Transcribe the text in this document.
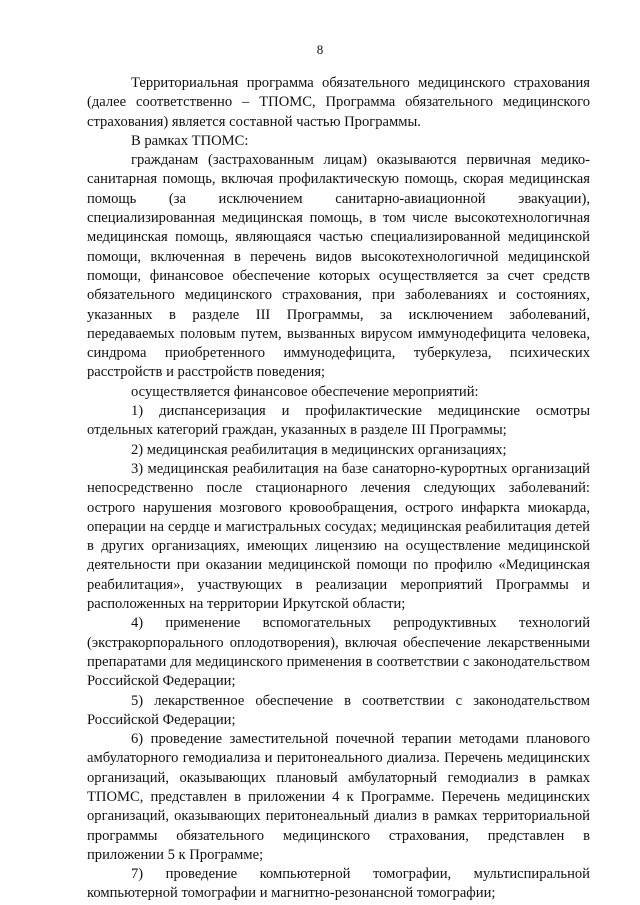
8

Территориальная программа обязательного медицинского страхования (далее соответственно – ТПОМС, Программа обязательного медицинского страхования) является составной частью Программы.

В рамках ТПОМС:

гражданам (застрахованным лицам) оказываются первичная медико-санитарная помощь, включая профилактическую помощь, скорая медицинская помощь (за исключением санитарно-авиационной эвакуации), специализированная медицинская помощь, в том числе высокотехнологичная медицинская помощь, являющаяся частью специализированной медицинской помощи, включенная в перечень видов высокотехнологичной медицинской помощи, финансовое обеспечение которых осуществляется за счет средств обязательного медицинского страхования, при заболеваниях и состояниях, указанных в разделе III Программы, за исключением заболеваний, передаваемых половым путем, вызванных вирусом иммунодефицита человека, синдрома приобретенного иммунодефицита, туберкулеза, психических расстройств и расстройств поведения;

осуществляется финансовое обеспечение мероприятий:

1) диспансеризация и профилактические медицинские осмотры отдельных категорий граждан, указанных в разделе III Программы;

2) медицинская реабилитация в медицинских организациях;

3) медицинская реабилитация на базе санаторно-курортных организаций непосредственно после стационарного лечения следующих заболеваний: острого нарушения мозгового кровообращения, острого инфаркта миокарда, операции на сердце и магистральных сосудах; медицинская реабилитация детей в других организациях, имеющих лицензию на осуществление медицинской деятельности при оказании медицинской помощи по профилю «Медицинская реабилитация», участвующих в реализации мероприятий Программы и расположенных на территории Иркутской области;

4) применение вспомогательных репродуктивных технологий (экстракорпорального оплодотворения), включая обеспечение лекарственными препаратами для медицинского применения в соответствии с законодательством Российской Федерации;

5) лекарственное обеспечение в соответствии с законодательством Российской Федерации;

6) проведение заместительной почечной терапии методами планового амбулаторного гемодиализа и перитонеального диализа. Перечень медицинских организаций, оказывающих плановый амбулаторный гемодиализ в рамках ТПОМС, представлен в приложении 4 к Программе. Перечень медицинских организаций, оказывающих перитонеальный диализ в рамках территориальной программы обязательного медицинского страхования, представлен в приложении 5 к Программе;

7) проведение компьютерной томографии, мультиспиральной компьютерной томографии и магнитно-резонансной томографии;
